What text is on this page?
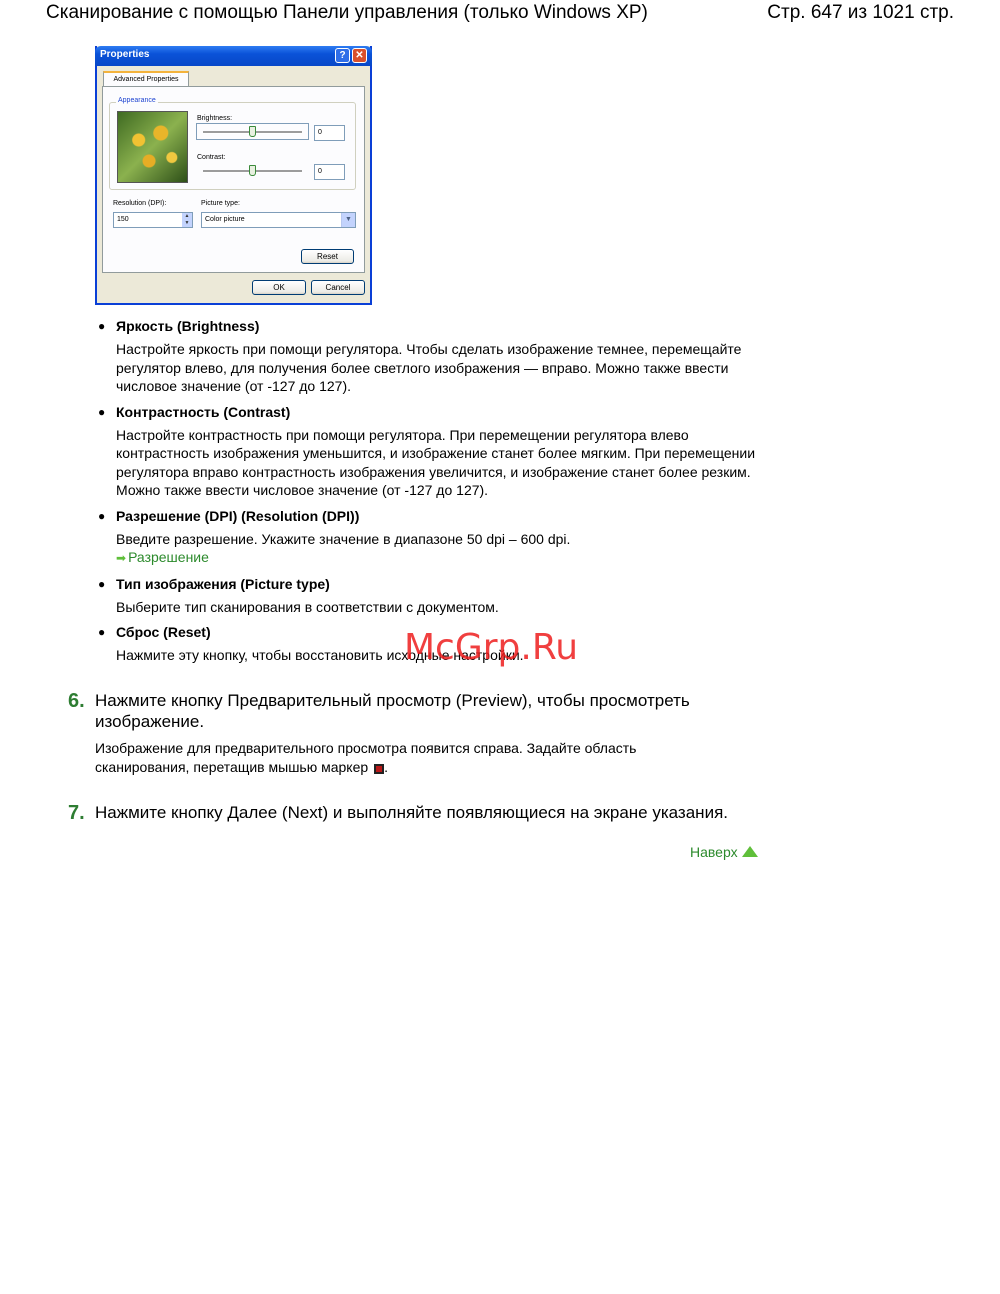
Сканирование с помощью Панели управления (только Windows XP)	Стр. 647 из 1021 стр.
Properties	? ✕
Advanced Properties
Appearance
Brightness:
0
Contrast:
0
Resolution (DPI):
150	▲
▼
Picture type:
Color picture	▼
Reset
OK	Cancel
● Яркость (Brightness)
Настройте яркость при помощи регулятора. Чтобы сделать изображение темнее, перемещайте регулятор влево, для получения более светлого изображения — вправо. Можно также ввести числовое значение (от -127 до 127).
● Контрастность (Contrast)
Настройте контрастность при помощи регулятора. При перемещении регулятора влево контрастность изображения уменьшится, и изображение станет более мягким. При перемещении регулятора вправо контрастность изображения увеличится, и изображение станет более резким. Можно также ввести числовое значение (от -127 до 127).
● Разрешение (DPI) (Resolution (DPI))
Введите разрешение. Укажите значение в диапазоне 50 dpi – 600 dpi.
➡ Разрешение
● Тип изображения (Picture type)
Выберите тип сканирования в соответствии с документом.
● Сброс (Reset)
Нажмите эту кнопку, чтобы восстановить исходные настройки.
6. Нажмите кнопку Предварительный просмотр (Preview), чтобы просмотреть изображение.
Изображение для предварительного просмотра появится справа. Задайте область сканирования, перетащив мышью маркер .
7. Нажмите кнопку Далее (Next) и выполняйте появляющиеся на экране указания.
Наверх
McGrp.Ru
